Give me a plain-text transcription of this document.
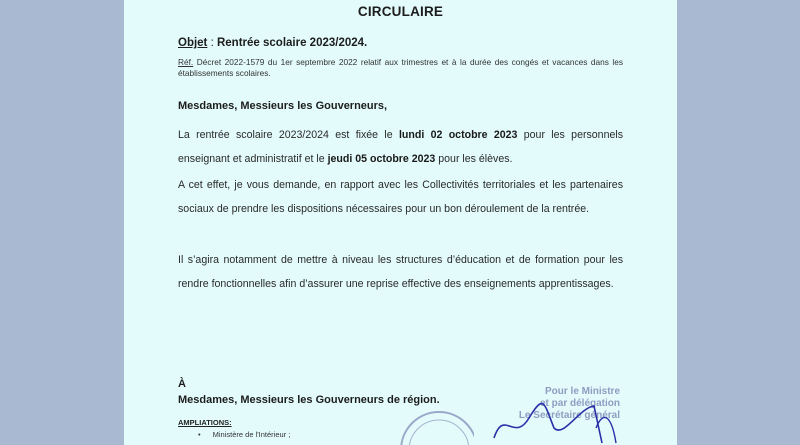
CIRCULAIRE
Objet : Rentrée scolaire 2023/2024.
Réf. Décret 2022-1579 du 1er septembre 2022 relatif aux trimestres et à la durée des congés et vacances dans les établissements scolaires.
Mesdames, Messieurs les Gouverneurs,
La rentrée scolaire 2023/2024 est fixée le lundi 02 octobre 2023 pour les personnels enseignant et administratif et le jeudi 05 octobre 2023 pour les élèves.
A cet effet, je vous demande, en rapport avec les Collectivités territoriales et les partenaires sociaux de prendre les dispositions nécessaires pour un bon déroulement de la rentrée.
Il s’agira notamment de mettre à niveau les structures d’éducation et de formation pour les rendre fonctionnelles afin d’assurer une reprise effective des enseignements apprentissages.
À
Mesdames, Messieurs les Gouverneurs de région.
AMPLIATIONS:
• Ministère de l'Intérieur ;
Pour le Ministre
et par délégation
Le Secrétaire général
